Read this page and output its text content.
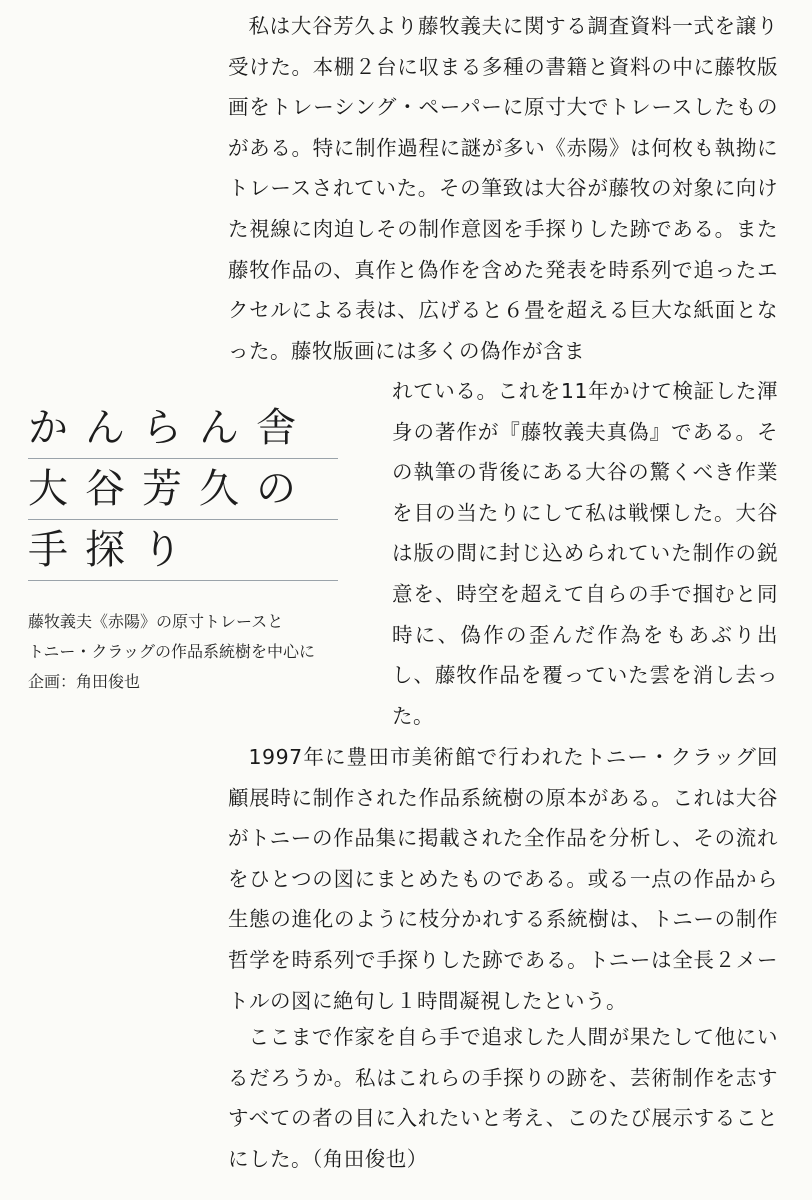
私は大谷芳久より藤牧義夫に関する調査資料一式を譲り受けた。本棚２台に収まる多種の書籍と資料の中に藤牧版画をトレーシング・ペーパーに原寸大でトレースしたものがある。特に制作過程に謎が多い《赤陽》は何枚も執拗にトレースされていた。その筆致は大谷が藤牧の対象に向けた視線に肉迫しその制作意図を手探りした跡である。また藤牧作品の、真作と偽作を含めた発表を時系列で追ったエクセルによる表は、広げると６畳を超える巨大な紙面となった。藤牧版画には多くの偽作が含ま

れている。これを11年かけて検証した渾身の著作が『藤牧義夫真偽』である。その執筆の背後にある大谷の驚くべき作業を目の当たりにして私は戦慄した。大谷は版の間に封じ込められていた制作の鋭意を、時空を超えて自らの手で掴むと同時に、偽作の歪んだ作為をもあぶり出し、藤牧作品を覆っていた雲を消し去った。

1997年に豊田市美術館で行われたトニー・クラッグ回顧展時に制作された作品系統樹の原本がある。これは大谷がトニーの作品集に掲載された全作品を分析し、その流れをひとつの図にまとめたものである。或る一点の作品から生態の進化のように枝分かれする系統樹は、トニーの制作哲学を時系列で手探りした跡である。トニーは全長２メートルの図に絶句し１時間凝視したという。

ここまで作家を自ら手で追求した人間が果たして他にいるだろうか。私はこれらの手探りの跡を、芸術制作を志すすべての者の目に入れたいと考え、このたび展示することにした。（角田俊也）

かんらん舎
大谷芳久の
手探り
藤牧義夫《赤陽》の原寸トレースと
トニー・クラッグの作品系統樹を中心に
企画：角田俊也
